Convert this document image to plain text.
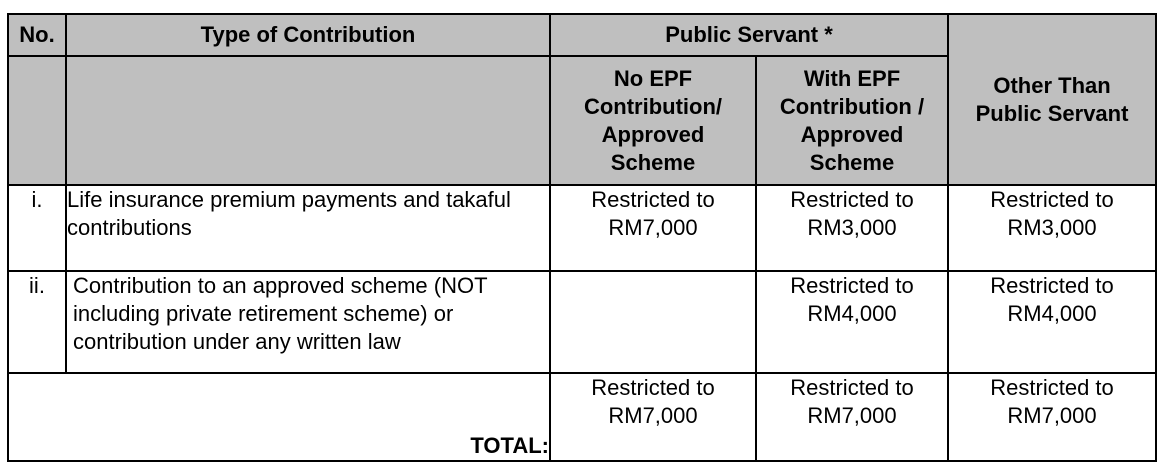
No.	Type of Contribution	Public Servant *		Other Than Public Servant

		No EPF Contribution/ Approved Scheme	With EPF Contribution / Approved Scheme	

i.	Life insurance premium payments and takaful contributions	Restricted to RM7,000	Restricted to RM3,000	Restricted to RM3,000

ii.	Contribution to an approved scheme (NOT including private retirement scheme) or contribution under any written law		Restricted to RM4,000	Restricted to RM4,000

TOTAL:		Restricted to RM7,000	Restricted to RM7,000	Restricted to RM7,000
